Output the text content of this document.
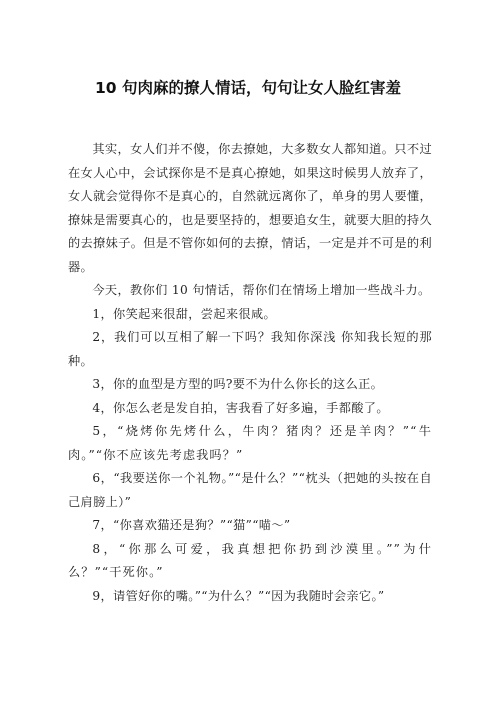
10 句肉麻的撩人情话，句句让女人脸红害羞

其实，女人们并不傻，你去撩她，大多数女人都知道。只不过在女人心中，会试探你是不是真心撩她，如果这时候男人放弃了，女人就会觉得你不是真心的，自然就远离你了，单身的男人要懂，撩妹是需要真心的，也是要坚持的，想要追女生，就要大胆的持久的去撩妹子。但是不管你如何的去撩，情话，一定是并不可是的利器。

今天，教你们 10 句情话，帮你们在情场上增加一些战斗力。

1，你笑起来很甜，尝起来很咸。

2，我们可以互相了解一下吗？我知你深浅 你知我长短的那种。

3，你的血型是方型的吗?要不为什么你长的这么正。

4，你怎么老是发自拍，害我看了好多遍，手都酸了。

5，“烧烤你先烤什么，牛肉？猪肉？还是羊肉？”“牛肉。”“你不应该先考虑我吗？”

6，“我要送你一个礼物。”“是什么？”“枕头（把她的头按在自己肩膀上）”

7，“你喜欢猫还是狗？”“猫”“喵～”

8，“你那么可爱，我真想把你扔到沙漠里。””为什么？”“干死你。”

9，请管好你的嘴。”“为什么？”“因为我随时会亲它。”
